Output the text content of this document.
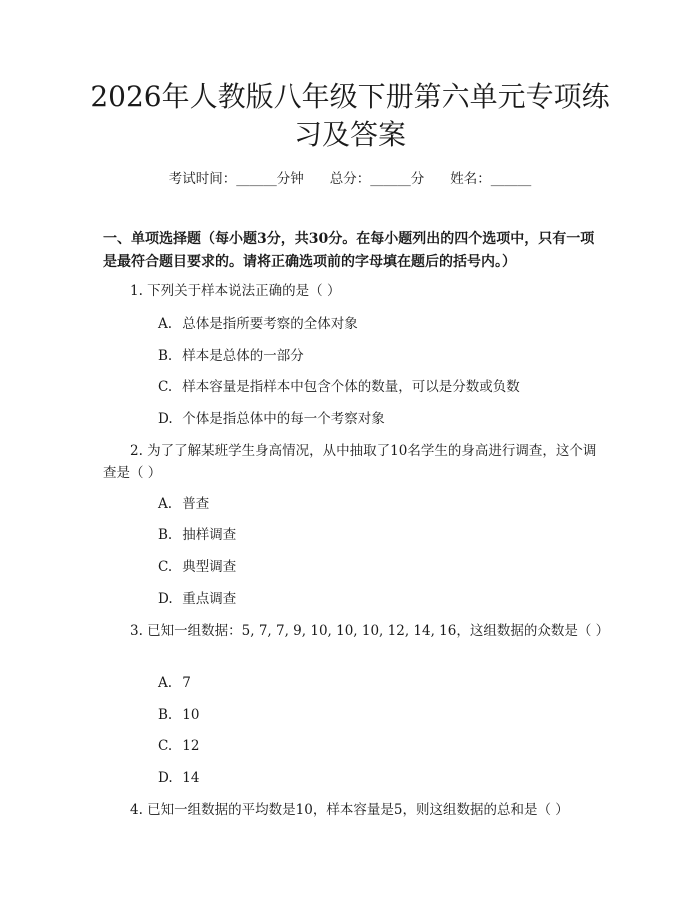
2026年人教版八年级下册第六单元专项练习及答案
考试时间：______分钟 总分：______分 姓名：______

一、单项选择题（每小题3分，共30分。在每小题列出的四个选项中，只有一项是最符合题目要求的。请将正确选项前的字母填在题后的括号内。）

1. 下列关于样本说法正确的是（ ）

A. 总体是指所要考察的全体对象

B. 样本是总体的一部分

C. 样本容量是指样本中包含个体的数量，可以是分数或负数

D. 个体是指总体中的每一个考察对象

2. 为了了解某班学生身高情况，从中抽取了10名学生的身高进行调查，这个调查是（ ）

A. 普查

B. 抽样调查

C. 典型调查

D. 重点调查

3. 已知一组数据：5, 7, 7, 9, 10, 10, 10, 12, 14, 16，这组数据的众数是（ ）

A. 7

B. 10

C. 12

D. 14

4. 已知一组数据的平均数是10，样本容量是5，则这组数据的总和是（ ）
